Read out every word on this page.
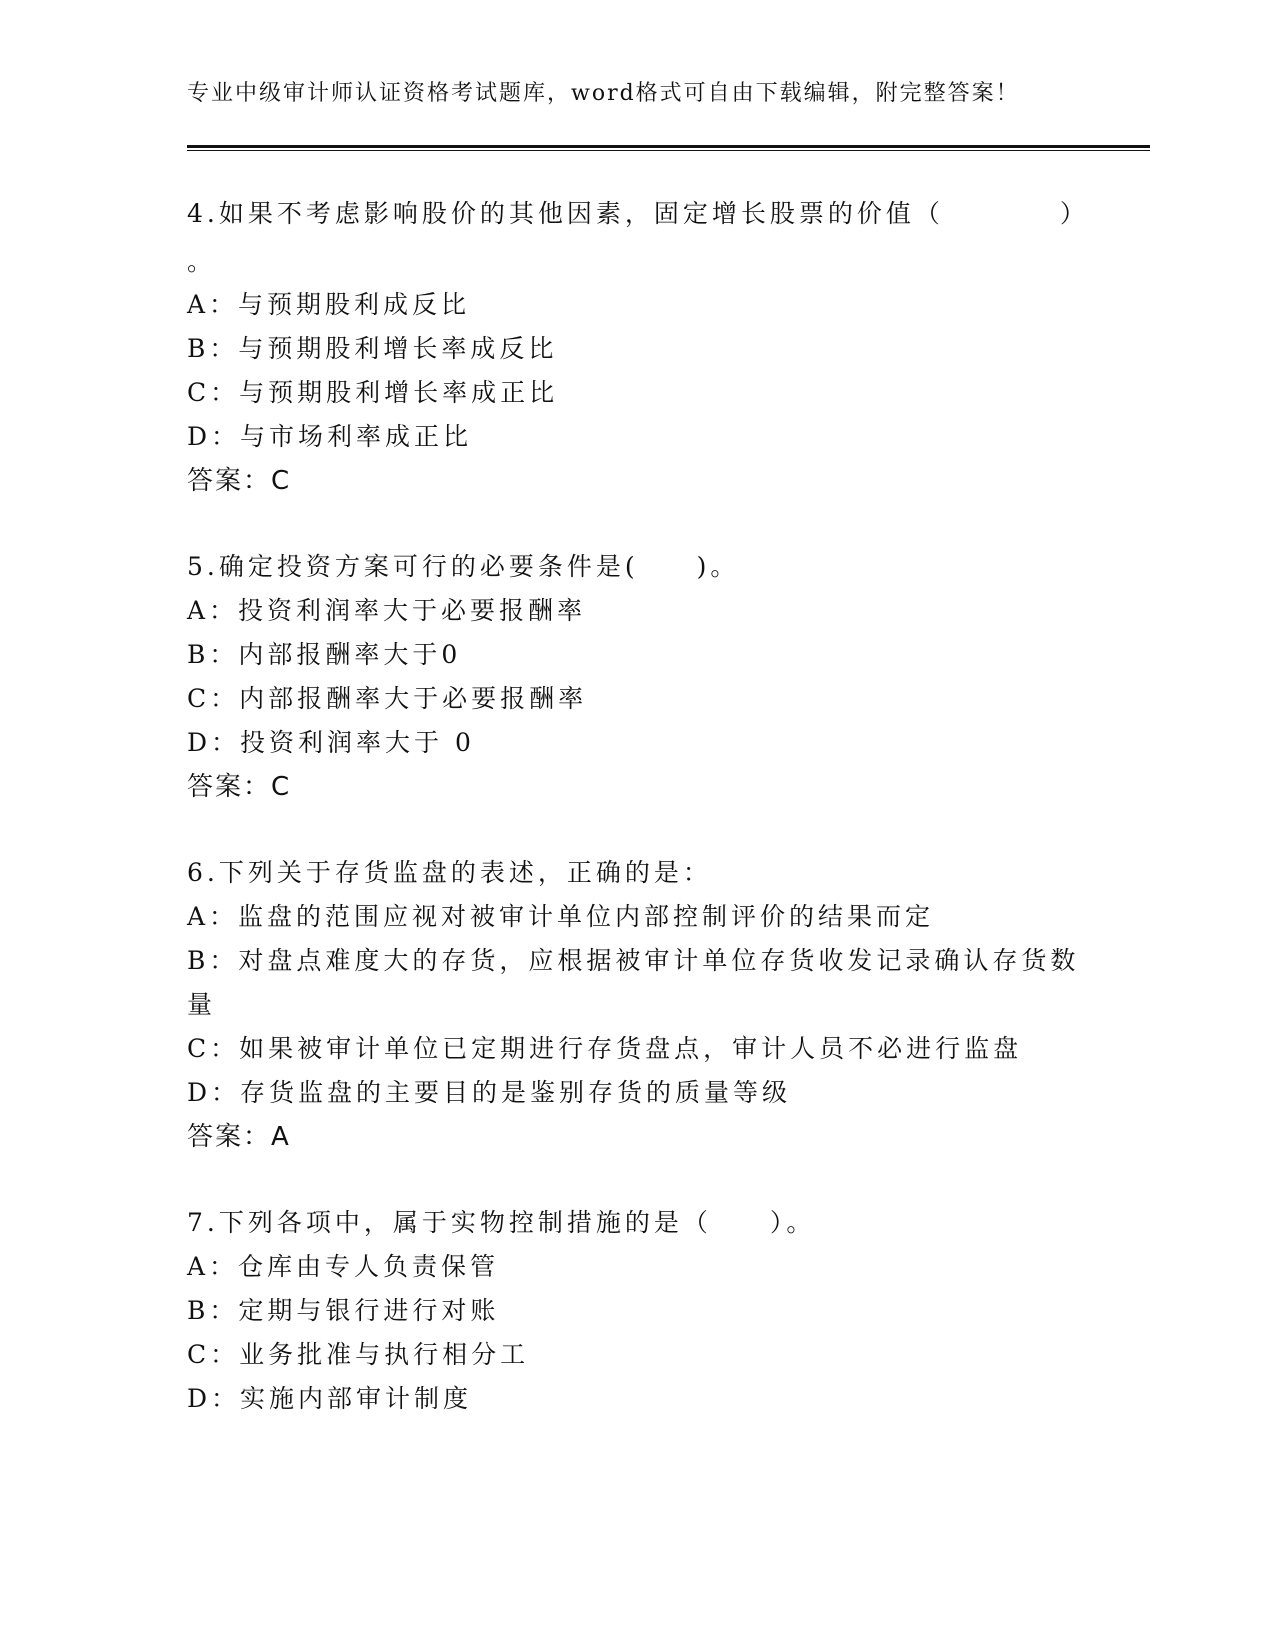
专业中级审计师认证资格考试题库，word格式可自由下载编辑，附完整答案！
4.如果不考虑影响股价的其他因素，固定增长股票的价值（　　　　）
。
A：与预期股利成反比
B：与预期股利增长率成反比
C：与预期股利增长率成正比
D：与市场利率成正比
答案：C
5.确定投资方案可行的必要条件是(　　)。
A：投资利润率大于必要报酬率
B：内部报酬率大于0
C：内部报酬率大于必要报酬率
D：投资利润率大于 0
答案：C
6.下列关于存货监盘的表述，正确的是：
A：监盘的范围应视对被审计单位内部控制评价的结果而定
B：对盘点难度大的存货，应根据被审计单位存货收发记录确认存货数
量
C：如果被审计单位已定期进行存货盘点，审计人员不必进行监盘
D：存货监盘的主要目的是鉴别存货的质量等级
答案：A
7.下列各项中，属于实物控制措施的是（　　）。
A：仓库由专人负责保管
B：定期与银行进行对账
C：业务批准与执行相分工
D：实施内部审计制度
